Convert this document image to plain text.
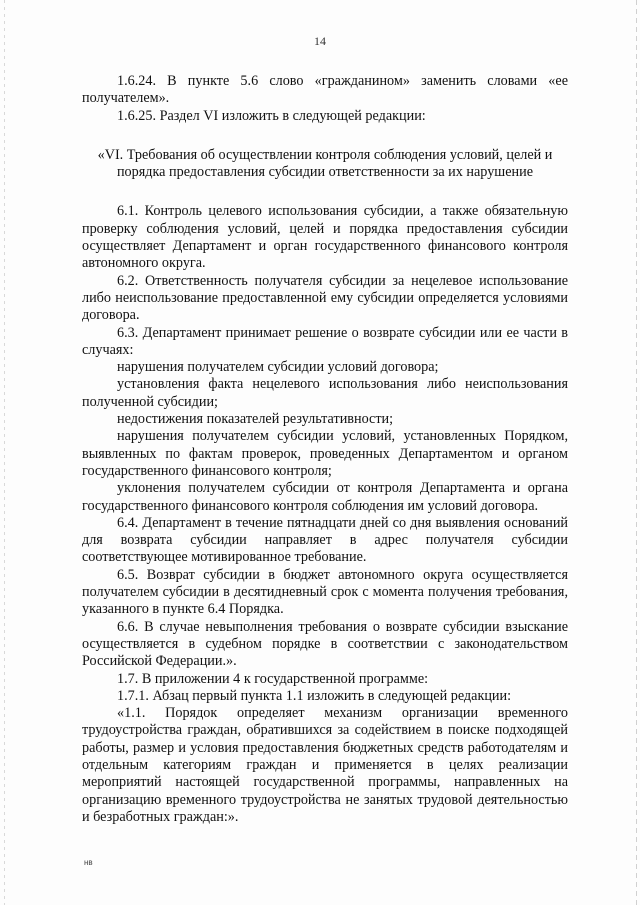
14

1.6.24. В пункте 5.6 слово «гражданином» заменить словами «ее получателем».

1.6.25. Раздел VI изложить в следующей редакции:

«VI. Требования об осуществлении контроля соблюдения условий, целей и порядка предоставления субсидии ответственности за их нарушение

6.1. Контроль целевого использования субсидии, а также обязательную проверку соблюдения условий, целей и порядка предоставления субсидии осуществляет Департамент и орган государственного финансового контроля автономного округа.

6.2. Ответственность получателя субсидии за нецелевое использование либо неиспользование предоставленной ему субсидии определяется условиями договора.

6.3. Департамент принимает решение о возврате субсидии или ее части в случаях:

нарушения получателем субсидии условий договора;

установления факта нецелевого использования либо неиспользования полученной субсидии;

недостижения показателей результативности;

нарушения получателем субсидии условий, установленных Порядком, выявленных по фактам проверок, проведенных Департаментом и органом государственного финансового контроля;

уклонения получателем субсидии от контроля Департамента и органа государственного финансового контроля соблюдения им условий договора.

6.4. Департамент в течение пятнадцати дней со дня выявления оснований для возврата субсидии направляет в адрес получателя субсидии соответствующее мотивированное требование.

6.5. Возврат субсидии в бюджет автономного округа осуществляется получателем субсидии в десятидневный срок с момента получения требования, указанного в пункте 6.4 Порядка.

6.6. В случае невыполнения требования о возврате субсидии взыскание осуществляется в судебном порядке в соответствии с законодательством Российской Федерации.».

1.7. В приложении 4 к государственной программе:

1.7.1. Абзац первый пункта 1.1 изложить в следующей редакции:

«1.1. Порядок определяет механизм организации временного трудоустройства граждан, обратившихся за содействием в поиске подходящей работы, размер и условия предоставления бюджетных средств работодателям и отдельным категориям граждан и применяется в целях реализации мероприятий настоящей государственной программы, направленных на организацию временного трудоустройства не занятых трудовой деятельностью и безработных граждан:».

нв
